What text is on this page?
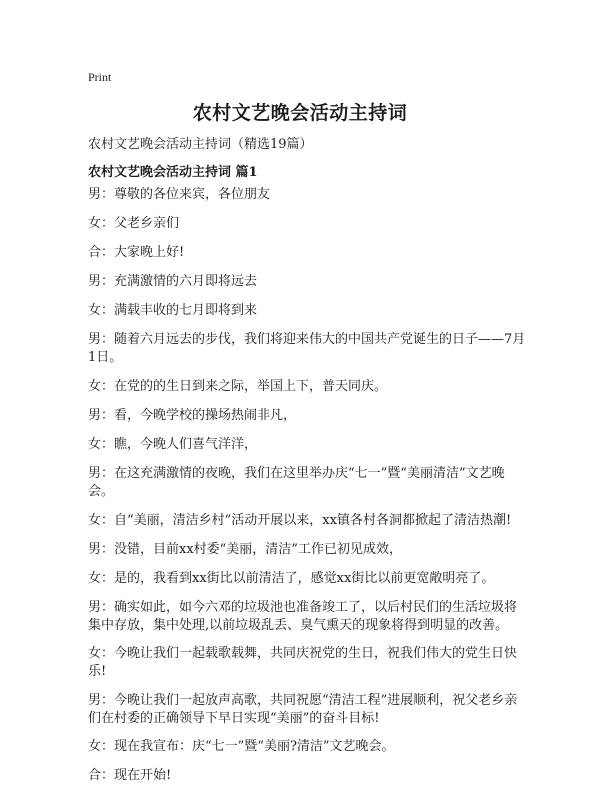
Print
农村文艺晚会活动主持词
农村文艺晚会活动主持词（精选19篇）
农村文艺晚会活动主持词 篇1
男：尊敬的各位来宾，各位朋友
女：父老乡亲们
合：大家晚上好!
男：充满激情的六月即将远去
女：满载丰收的七月即将到来
男：随着六月远去的步伐，我们将迎来伟大的中国共产党诞生的日子——7月1日。
女：在党的的生日到来之际，举国上下，普天同庆。
男：看，今晚学校的操场热闹非凡，
女：瞧，今晚人们喜气洋洋，
男：在这充满激情的夜晚，我们在这里举办庆“七一”暨“美丽清洁”文艺晚会。
女：自“美丽，清洁乡村”活动开展以来，xx镇各村各洞都掀起了清洁热潮!
男：没错，目前xx村委“美丽，清洁”工作已初见成效，
女：是的，我看到xx街比以前清洁了，感觉xx街比以前更宽敞明亮了。
男：确实如此，如今六邓的垃圾池也准备竣工了，以后村民们的生活垃圾将集中存放，集中处理,以前垃圾乱丢、臭气熏天的现象将得到明显的改善。
女：今晚让我们一起载歌载舞，共同庆祝党的生日，祝我们伟大的党生日快乐!
男：今晚让我们一起放声高歌，共同祝愿“清洁工程”进展顺利，祝父老乡亲们在村委的正确领导下早日实现“美丽”的奋斗目标!
女：现在我宣布：庆“七一”暨“美丽?清洁”文艺晚会。
合：现在开始!
